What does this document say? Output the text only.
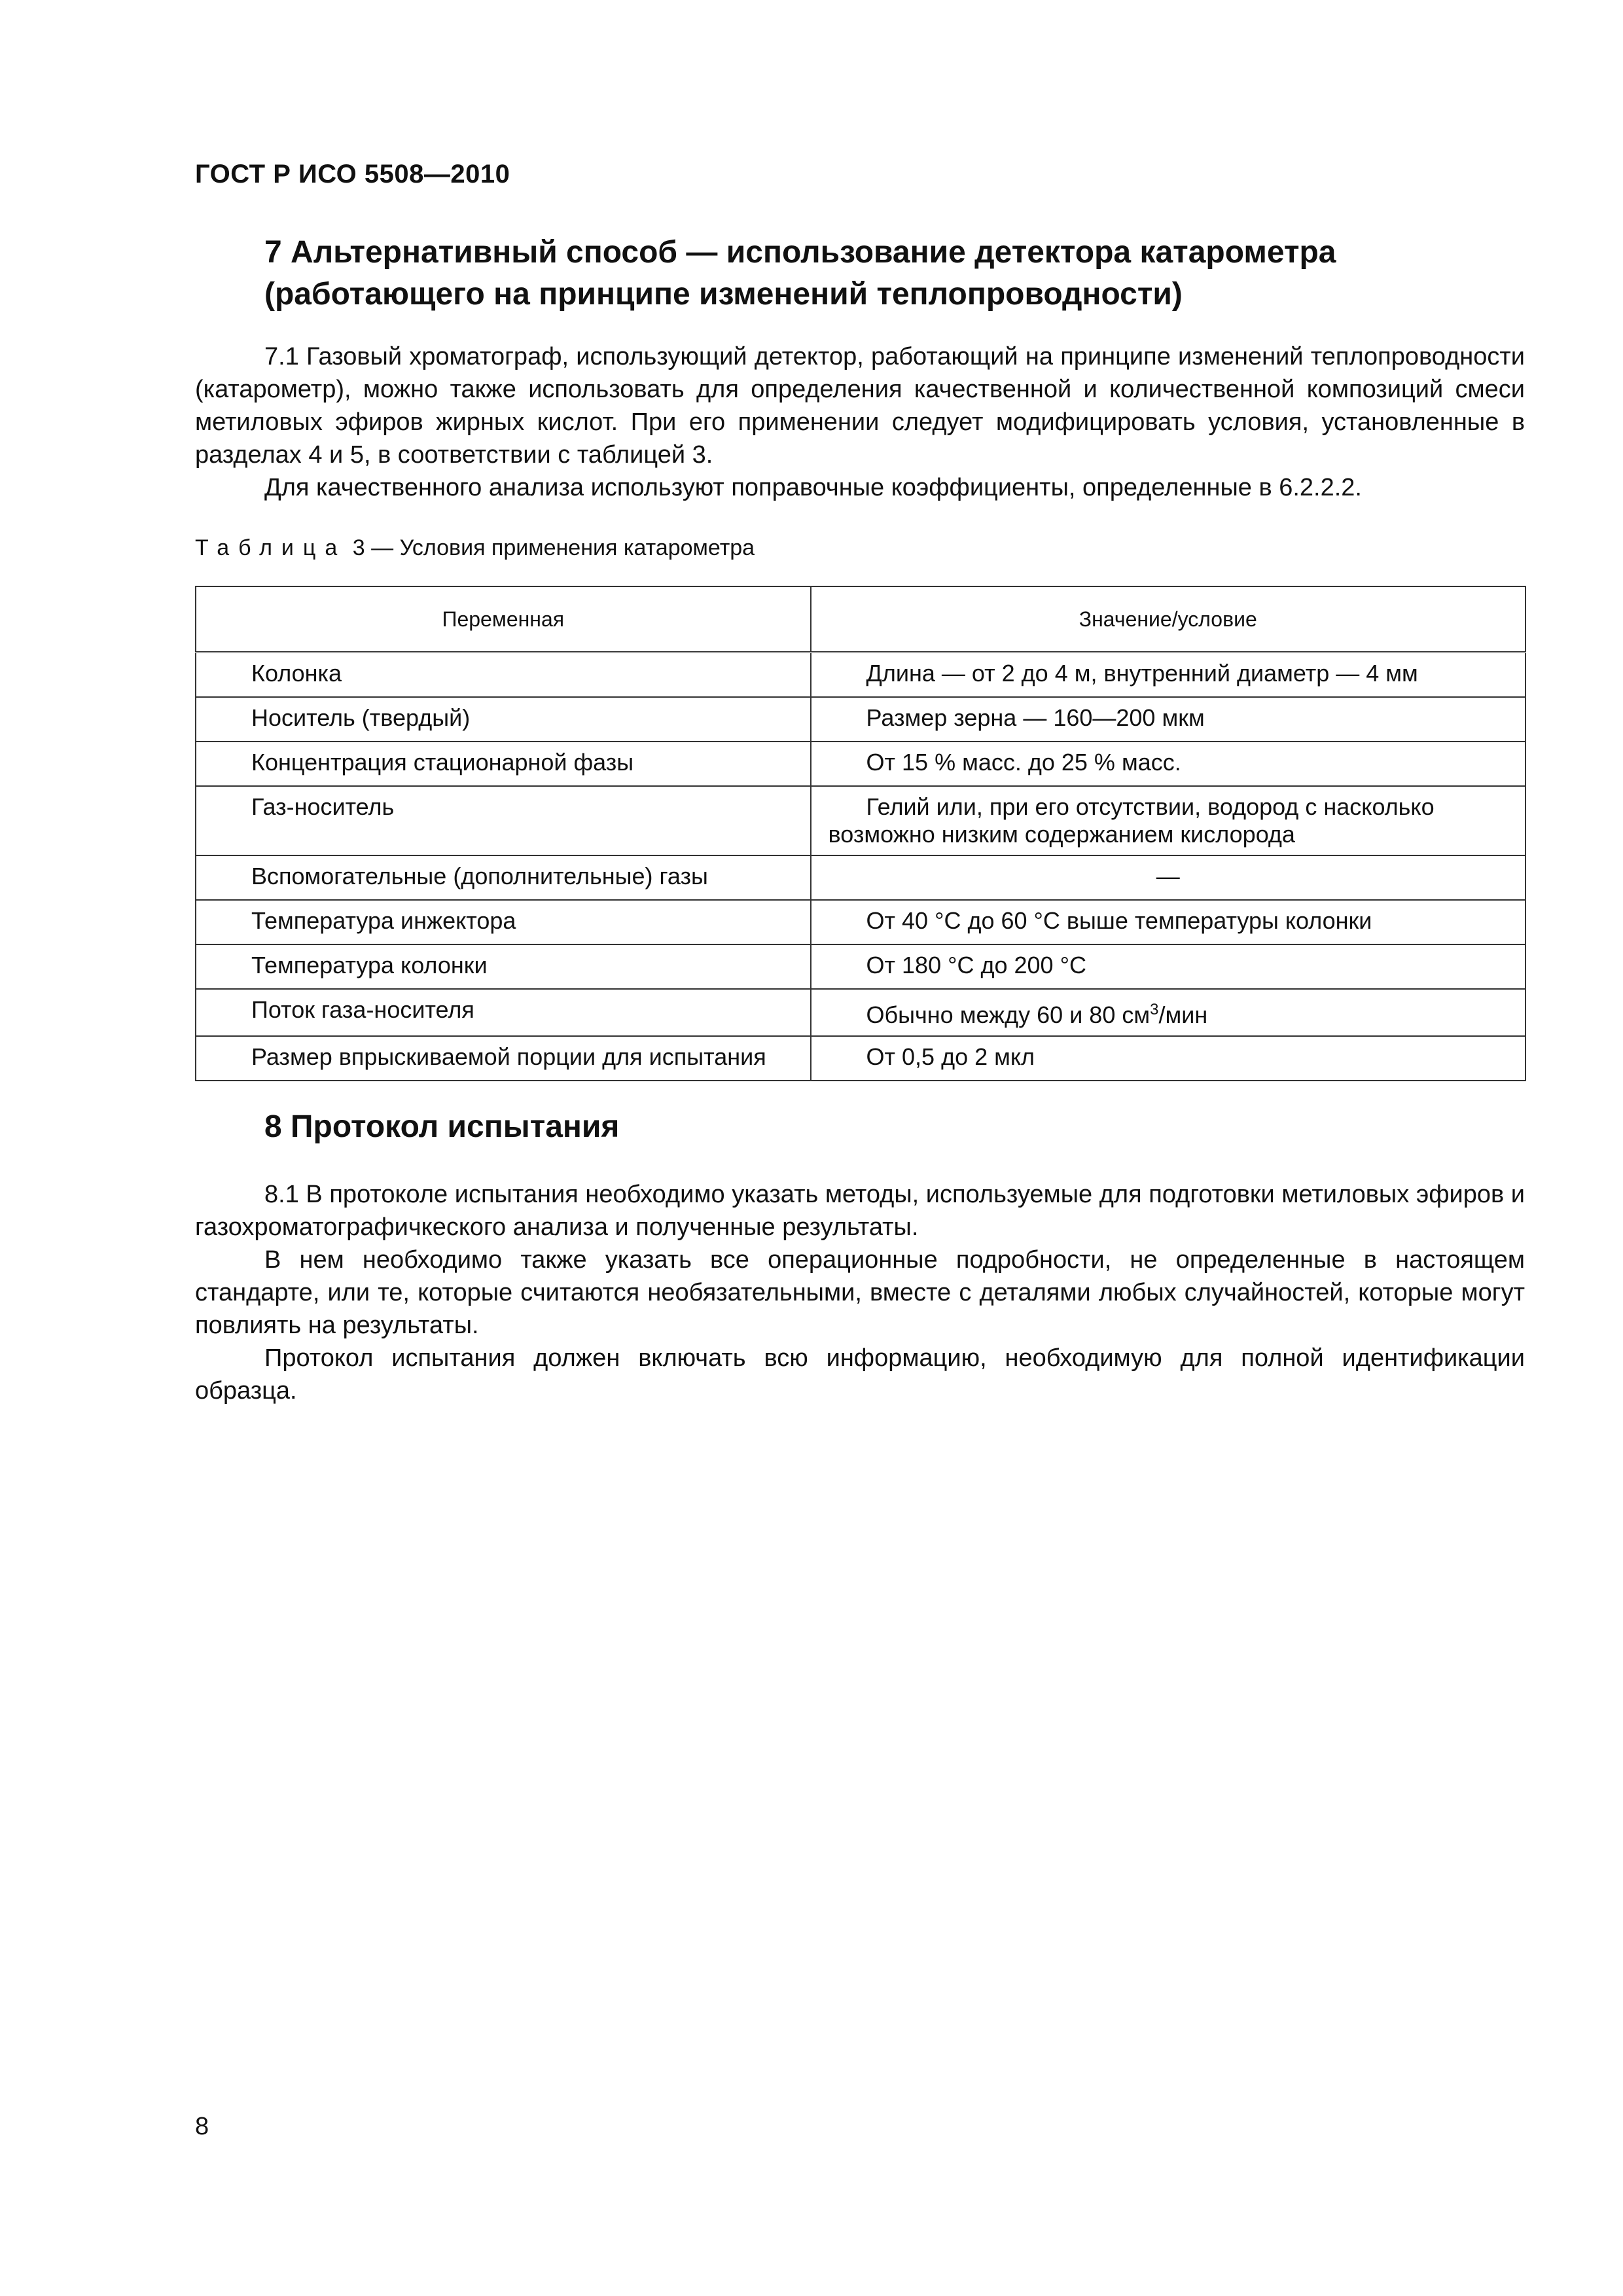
ГОСТ Р ИСО 5508—2010
7 Альтернативный способ — использование детектора катарометра (работающего на принципе изменений теплопроводности)

7.1 Газовый хроматограф, использующий детектор, работающий на принципе изменений теплопроводности (катарометр), можно также использовать для определения качественной и количественной композиций смеси метиловых эфиров жирных кислот. При его применении следует модифицировать условия, установленные в разделах 4 и 5, в соответствии с таблицей 3.

Для качественного анализа используют поправочные коэффициенты, определенные в 6.2.2.2.

Таблица 3 — Условия применения катарометра
Переменная	Значение/условие
Колонка	Длина — от 2 до 4 м, внутренний диаметр — 4 мм
Носитель (твердый)	Размер зерна — 160—200 мкм
Концентрация стационарной фазы	От 15 % масс. до 25 % масс.
Газ-носитель	Гелий или, при его отсутствии, водород с насколько возможно низким содержанием кислорода
Вспомогательные (дополнительные) газы	—
Температура инжектора	От 40 °С до 60 °С выше температуры колонки
Температура колонки	От 180 °С до 200 °С
Поток газа-носителя	Обычно между 60 и 80 $см^3$/мин
Размер впрыскиваемой порции для испытания	От 0,5 до 2 мкл
8 Протокол испытания

8.1 В протоколе испытания необходимо указать методы, используемые для подготовки метиловых эфиров и газохроматографичкеского анализа и полученные результаты.

В нем необходимо также указать все операционные подробности, не определенные в настоящем стандарте, или те, которые считаются необязательными, вместе с деталями любых случайностей, которые могут повлиять на результаты.

Протокол испытания должен включать всю информацию, необходимую для полной идентификации образца.

8
